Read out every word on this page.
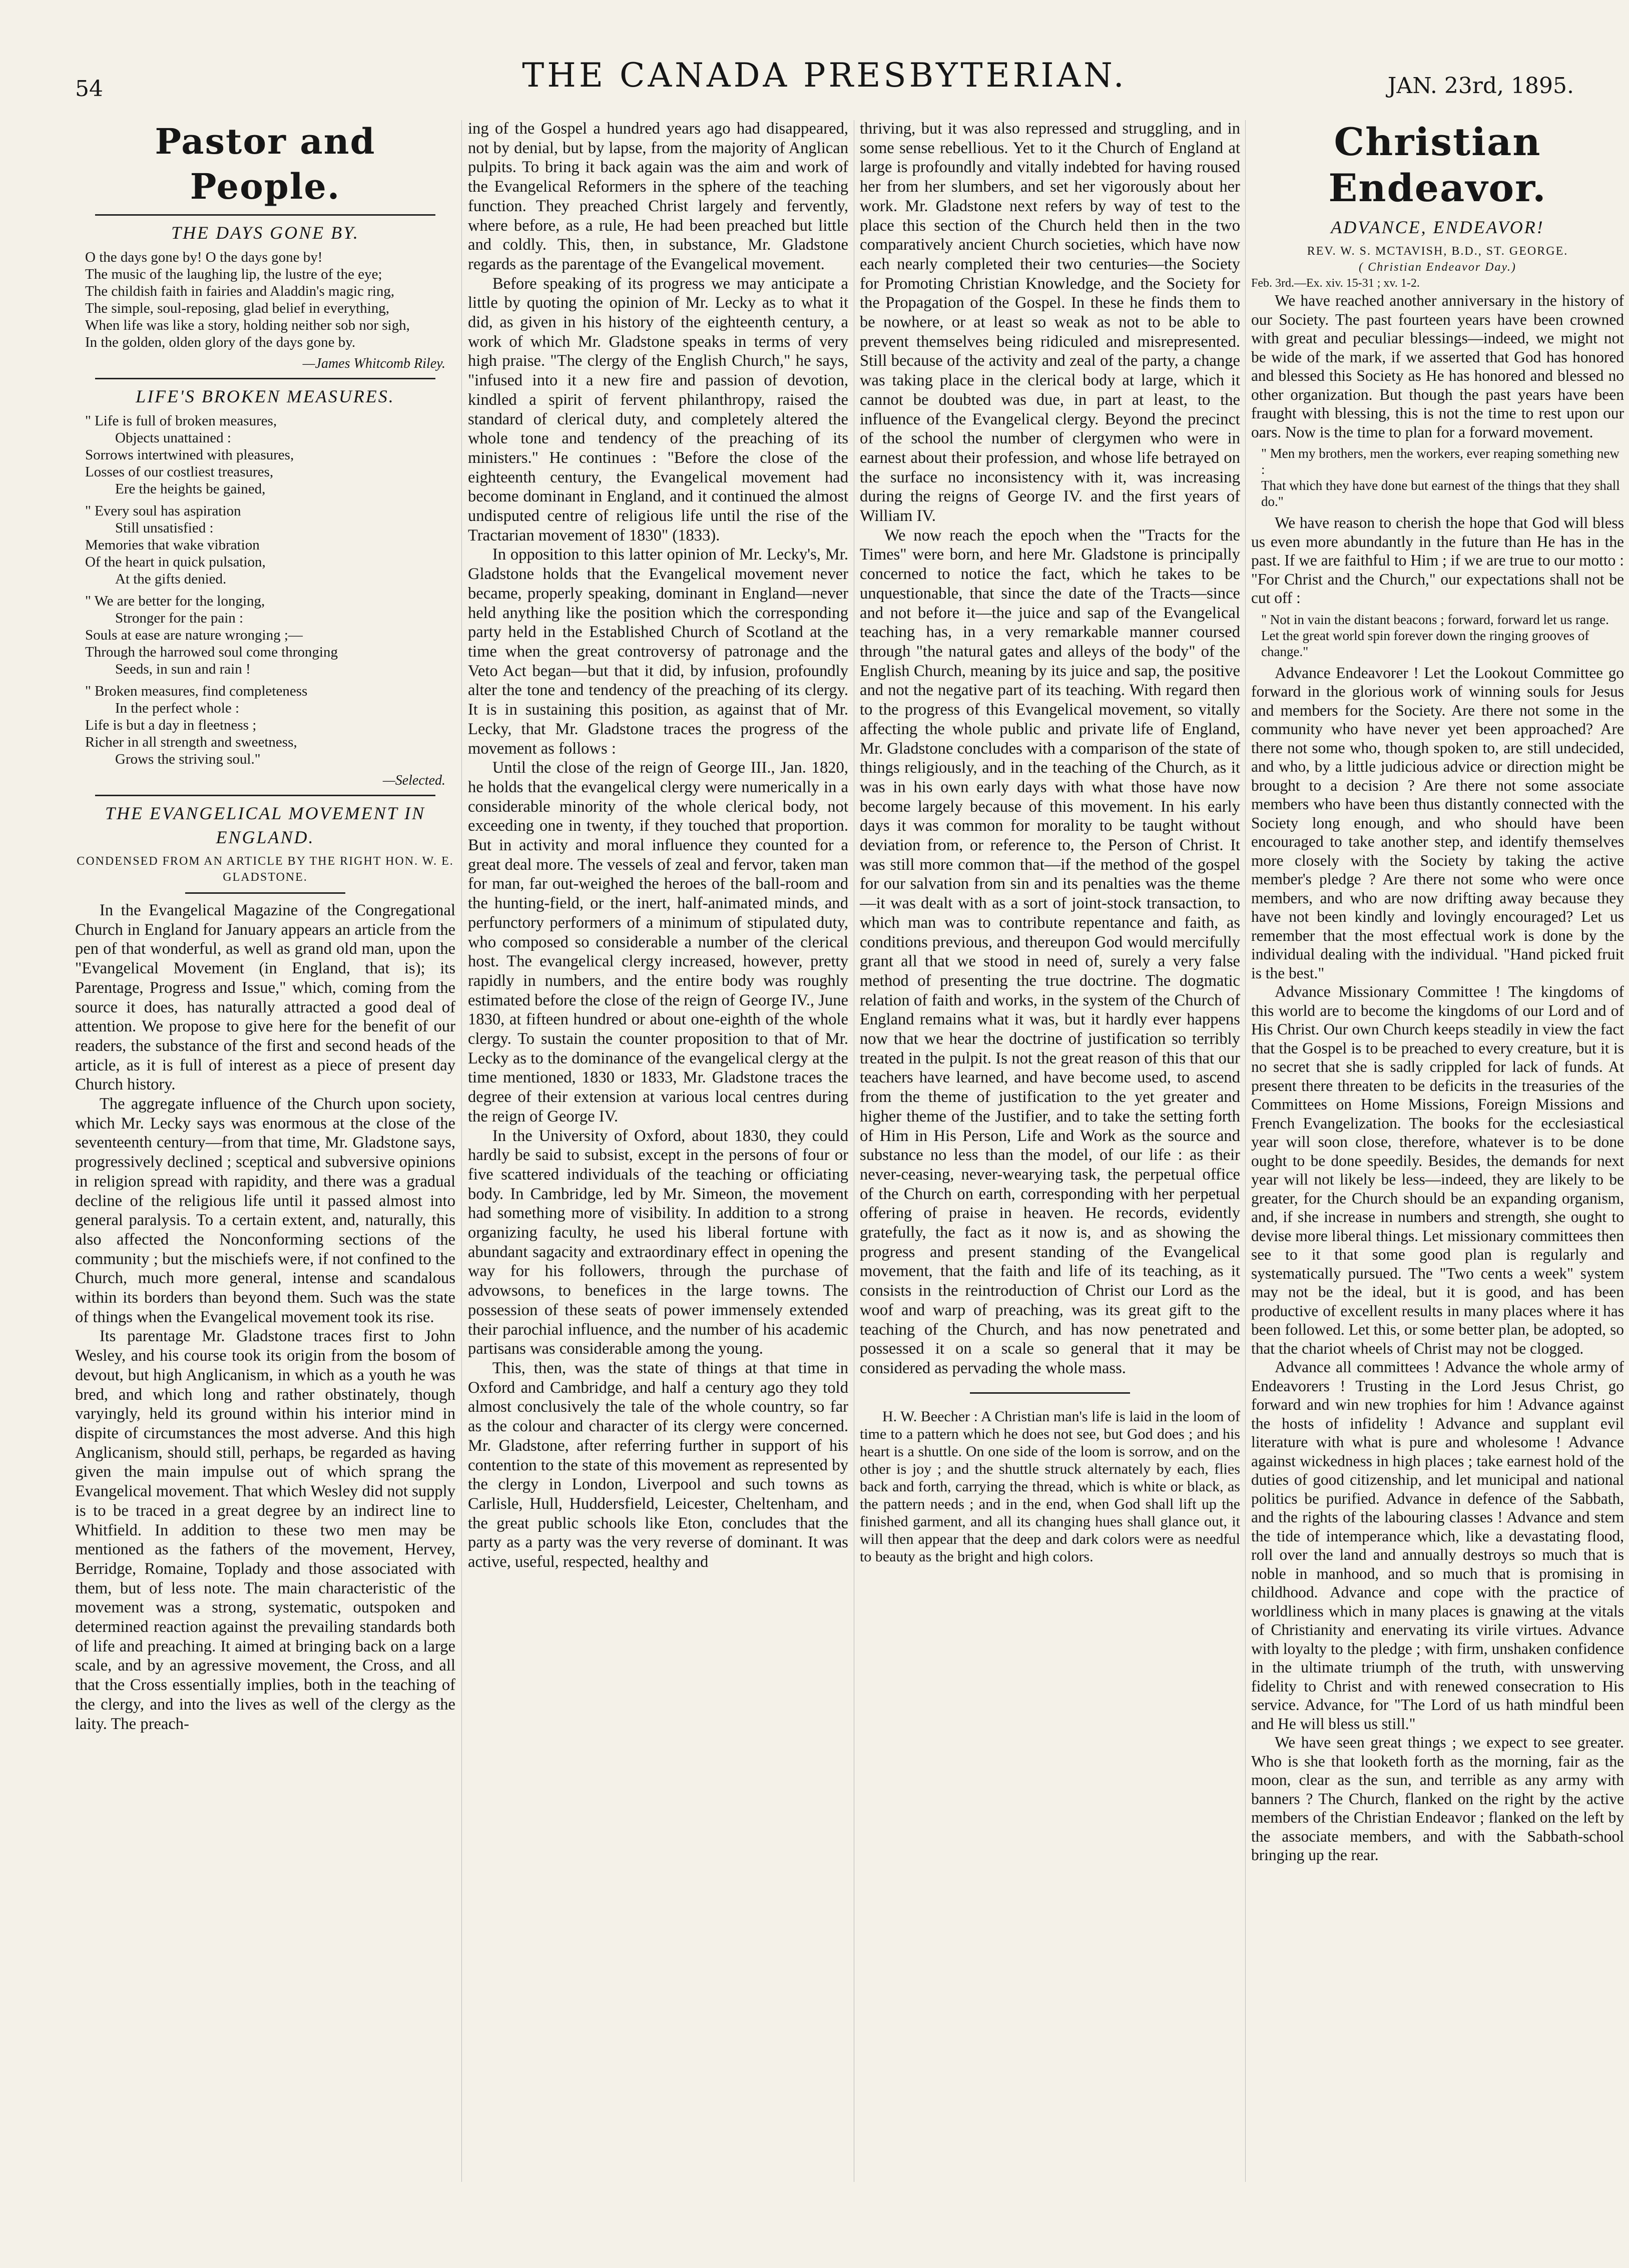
54	THE CANADA PRESBYTERIAN.	JAN. 23rd, 1895.
Pastor and People.
THE DAYS GONE BY.
O the days gone by! O the days gone by!
The music of the laughing lip, the lustre of the eye;
The childish faith in fairies and Aladdin's magic ring,
The simple, soul-reposing, glad belief in everything,
When life was like a story, holding neither sob nor sigh,
In the golden, olden glory of the days gone by.
—James Whitcomb Riley.
LIFE'S BROKEN MEASURES.
" Life is full of broken measures,
Objects unattained :
Sorrows intertwined with pleasures,
Losses of our costliest treasures,
Ere the heights be gained,
" Every soul has aspiration
Still unsatisfied :
Memories that wake vibration
Of the heart in quick pulsation,
At the gifts denied.
" We are better for the longing,
Stronger for the pain :
Souls at ease are nature wronging ;—
Through the harrowed soul come thronging
Seeds, in sun and rain !
" Broken measures, find completeness
In the perfect whole :
Life is but a day in fleetness ;
Richer in all strength and sweetness,
Grows the striving soul."
—Selected.
THE EVANGELICAL MOVEMENT IN ENGLAND.
CONDENSED FROM AN ARTICLE BY THE RIGHT HON. W. E. GLADSTONE.

In the Evangelical Magazine of the Congregational Church in England for January appears an article from the pen of that wonderful, as well as grand old man, upon the "Evangelical Movement (in England, that is); its Parentage, Progress and Issue," which, coming from the source it does, has naturally attracted a good deal of attention. We propose to give here for the benefit of our readers, the substance of the first and second heads of the article, as it is full of interest as a piece of present day Church history.

The aggregate influence of the Church upon society, which Mr. Lecky says was enormous at the close of the seventeenth century—from that time, Mr. Gladstone says, progressively declined ; sceptical and subversive opinions in religion spread with rapidity, and there was a gradual decline of the religious life until it passed almost into general paralysis. To a certain extent, and, naturally, this also affected the Nonconforming sections of the community ; but the mischiefs were, if not confined to the Church, much more general, intense and scandalous within its borders than beyond them. Such was the state of things when the Evangelical movement took its rise.

Its parentage Mr. Gladstone traces first to John Wesley, and his course took its origin from the bosom of devout, but high Anglicanism, in which as a youth he was bred, and which long and rather obstinately, though varyingly, held its ground within his interior mind in dispite of circumstances the most adverse. And this high Anglicanism, should still, perhaps, be regarded as having given the main impulse out of which sprang the Evangelical movement. That which Wesley did not supply is to be traced in a great degree by an indirect line to Whitfield. In addition to these two men may be mentioned as the fathers of the movement, Hervey, Berridge, Romaine, Toplady and those associated with them, but of less note. The main characteristic of the movement was a strong, systematic, outspoken and determined reaction against the prevailing standards both of life and preaching. It aimed at bringing back on a large scale, and by an agressive movement, the Cross, and all that the Cross essentially implies, both in the teaching of the clergy, and into the lives as well of the clergy as the laity. The preach-

ing of the Gospel a hundred years ago had disappeared, not by denial, but by lapse, from the majority of Anglican pulpits. To bring it back again was the aim and work of the Evangelical Reformers in the sphere of the teaching function. They preached Christ largely and fervently, where before, as a rule, He had been preached but little and coldly. This, then, in substance, Mr. Gladstone regards as the parentage of the Evangelical movement.

Before speaking of its progress we may anticipate a little by quoting the opinion of Mr. Lecky as to what it did, as given in his history of the eighteenth century, a work of which Mr. Gladstone speaks in terms of very high praise. "The clergy of the English Church," he says, "infused into it a new fire and passion of devotion, kindled a spirit of fervent philanthropy, raised the standard of clerical duty, and completely altered the whole tone and tendency of the preaching of its ministers." He continues : "Before the close of the eighteenth century, the Evangelical movement had become dominant in England, and it continued the almost undisputed centre of religious life until the rise of the Tractarian movement of 1830" (1833).

In opposition to this latter opinion of Mr. Lecky's, Mr. Gladstone holds that the Evangelical movement never became, properly speaking, dominant in England—never held anything like the position which the corresponding party held in the Established Church of Scotland at the time when the great controversy of patronage and the Veto Act began—but that it did, by infusion, profoundly alter the tone and tendency of the preaching of its clergy. It is in sustaining this position, as against that of Mr. Lecky, that Mr. Gladstone traces the progress of the movement as follows :

Until the close of the reign of George III., Jan. 1820, he holds that the evangelical clergy were numerically in a considerable minority of the whole clerical body, not exceeding one in twenty, if they touched that proportion. But in activity and moral influence they counted for a great deal more. The vessels of zeal and fervor, taken man for man, far out-weighed the heroes of the ball-room and the hunting-field, or the inert, half-animated minds, and perfunctory performers of a minimum of stipulated duty, who composed so considerable a number of the clerical host. The evangelical clergy increased, however, pretty rapidly in numbers, and the entire body was roughly estimated before the close of the reign of George IV., June 1830, at fifteen hundred or about one-eighth of the whole clergy. To sustain the counter proposition to that of Mr. Lecky as to the dominance of the evangelical clergy at the time mentioned, 1830 or 1833, Mr. Gladstone traces the degree of their extension at various local centres during the reign of George IV.

In the University of Oxford, about 1830, they could hardly be said to subsist, except in the persons of four or five scattered individuals of the teaching or officiating body. In Cambridge, led by Mr. Simeon, the movement had something more of visibility. In addition to a strong organizing faculty, he used his liberal fortune with abundant sagacity and extraordinary effect in opening the way for his followers, through the purchase of advowsons, to benefices in the large towns. The possession of these seats of power immensely extended their parochial influence, and the number of his academic partisans was considerable among the young.

This, then, was the state of things at that time in Oxford and Cambridge, and half a century ago they told almost conclusively the tale of the whole country, so far as the colour and character of its clergy were concerned. Mr. Gladstone, after referring further in support of his contention to the state of this movement as represented by the clergy in London, Liverpool and such towns as Carlisle, Hull, Huddersfield, Leicester, Cheltenham, and the great public schools like Eton, concludes that the party as a party was the very reverse of dominant. It was active, useful, respected, healthy and

thriving, but it was also repressed and struggling, and in some sense rebellious. Yet to it the Church of England at large is profoundly and vitally indebted for having roused her from her slumbers, and set her vigorously about her work. Mr. Gladstone next refers by way of test to the place this section of the Church held then in the two comparatively ancient Church societies, which have now each nearly completed their two centuries—the Society for Promoting Christian Knowledge, and the Society for the Propagation of the Gospel. In these he finds them to be nowhere, or at least so weak as not to be able to prevent themselves being ridiculed and misrepresented. Still because of the activity and zeal of the party, a change was taking place in the clerical body at large, which it cannot be doubted was due, in part at least, to the influence of the Evangelical clergy. Beyond the precinct of the school the number of clergymen who were in earnest about their profession, and whose life betrayed on the surface no inconsistency with it, was increasing during the reigns of George IV. and the first years of William IV.

We now reach the epoch when the "Tracts for the Times" were born, and here Mr. Gladstone is principally concerned to notice the fact, which he takes to be unquestionable, that since the date of the Tracts—since and not before it—the juice and sap of the Evangelical teaching has, in a very remarkable manner coursed through "the natural gates and alleys of the body" of the English Church, meaning by its juice and sap, the positive and not the negative part of its teaching. With regard then to the progress of this Evangelical movement, so vitally affecting the whole public and private life of England, Mr. Gladstone concludes with a comparison of the state of things religiously, and in the teaching of the Church, as it was in his own early days with what those have now become largely because of this movement. In his early days it was common for morality to be taught without deviation from, or reference to, the Person of Christ. It was still more common that—if the method of the gospel for our salvation from sin and its penalties was the theme—it was dealt with as a sort of joint-stock transaction, to which man was to contribute repentance and faith, as conditions previous, and thereupon God would mercifully grant all that we stood in need of, surely a very false method of presenting the true doctrine. The dogmatic relation of faith and works, in the system of the Church of England remains what it was, but it hardly ever happens now that we hear the doctrine of justification so terribly treated in the pulpit. Is not the great reason of this that our teachers have learned, and have become used, to ascend from the theme of justification to the yet greater and higher theme of the Justifier, and to take the setting forth of Him in His Person, Life and Work as the source and substance no less than the model, of our life : as their never-ceasing, never-wearying task, the perpetual office of the Church on earth, corresponding with her perpetual offering of praise in heaven. He records, evidently gratefully, the fact as it now is, and as showing the progress and present standing of the Evangelical movement, that the faith and life of its teaching, as it consists in the reintroduction of Christ our Lord as the woof and warp of preaching, was its great gift to the teaching of the Church, and has now penetrated and possessed it on a scale so general that it may be considered as pervading the whole mass.

H. W. Beecher : A Christian man's life is laid in the loom of time to a pattern which he does not see, but God does ; and his heart is a shuttle. On one side of the loom is sorrow, and on the other is joy ; and the shuttle struck alternately by each, flies back and forth, carrying the thread, which is white or black, as the pattern needs ; and in the end, when God shall lift up the finished garment, and all its changing hues shall glance out, it will then appear that the deep and dark colors were as needful to beauty as the bright and high colors.

Christian Endeavor.
ADVANCE, ENDEAVOR!
REV. W. S. MCTAVISH, B.D., ST. GEORGE.
( Christian Endeavor Day.)
Feb. 3rd.—Ex. xiv. 15-31 ; xv. 1-2.

We have reached another anniversary in the history of our Society. The past fourteen years have been crowned with great and peculiar blessings—indeed, we might not be wide of the mark, if we asserted that God has honored and blessed this Society as He has honored and blessed no other organization. But though the past years have been fraught with blessing, this is not the time to rest upon our oars. Now is the time to plan for a forward movement.

" Men my brothers, men the workers, ever reaping something new :
That which they have done but earnest of the things that they shall do."

We have reason to cherish the hope that God will bless us even more abundantly in the future than He has in the past. If we are faithful to Him ; if we are true to our motto : "For Christ and the Church," our expectations shall not be cut off :

" Not in vain the distant beacons ; forward, forward let us range.
Let the great world spin forever down the ringing grooves of change."

Advance Endeavorer ! Let the Lookout Committee go forward in the glorious work of winning souls for Jesus and members for the Society. Are there not some in the community who have never yet been approached? Are there not some who, though spoken to, are still undecided, and who, by a little judicious advice or direction might be brought to a decision ? Are there not some associate members who have been thus distantly connected with the Society long enough, and who should have been encouraged to take another step, and identify themselves more closely with the Society by taking the active member's pledge ? Are there not some who were once members, and who are now drifting away because they have not been kindly and lovingly encouraged? Let us remember that the most effectual work is done by the individual dealing with the individual. "Hand picked fruit is the best."

Advance Missionary Committee ! The kingdoms of this world are to become the kingdoms of our Lord and of His Christ. Our own Church keeps steadily in view the fact that the Gospel is to be preached to every creature, but it is no secret that she is sadly crippled for lack of funds. At present there threaten to be deficits in the treasuries of the Committees on Home Missions, Foreign Missions and French Evangelization. The books for the ecclesiastical year will soon close, therefore, whatever is to be done ought to be done speedily. Besides, the demands for next year will not likely be less—indeed, they are likely to be greater, for the Church should be an expanding organism, and, if she increase in numbers and strength, she ought to devise more liberal things. Let missionary committees then see to it that some good plan is regularly and systematically pursued. The "Two cents a week" system may not be the ideal, but it is good, and has been productive of excellent results in many places where it has been followed. Let this, or some better plan, be adopted, so that the chariot wheels of Christ may not be clogged.

Advance all committees ! Advance the whole army of Endeavorers ! Trusting in the Lord Jesus Christ, go forward and win new trophies for him ! Advance against the hosts of infidelity ! Advance and supplant evil literature with what is pure and wholesome ! Advance against wickedness in high places ; take earnest hold of the duties of good citizenship, and let municipal and national politics be purified. Advance in defence of the Sabbath, and the rights of the labouring classes ! Advance and stem the tide of intemperance which, like a devastating flood, roll over the land and annually destroys so much that is noble in manhood, and so much that is promising in childhood. Advance and cope with the practice of worldliness which in many places is gnawing at the vitals of Christianity and enervating its virile virtues. Advance with loyalty to the pledge ; with firm, unshaken confidence in the ultimate triumph of the truth, with unswerving fidelity to Christ and with renewed consecration to His service. Advance, for "The Lord of us hath mindful been and He will bless us still."

We have seen great things ; we expect to see greater. Who is she that looketh forth as the morning, fair as the moon, clear as the sun, and terrible as any army with banners ? The Church, flanked on the right by the active members of the Christian Endeavor ; flanked on the left by the associate members, and with the Sabbath-school bringing up the rear.
